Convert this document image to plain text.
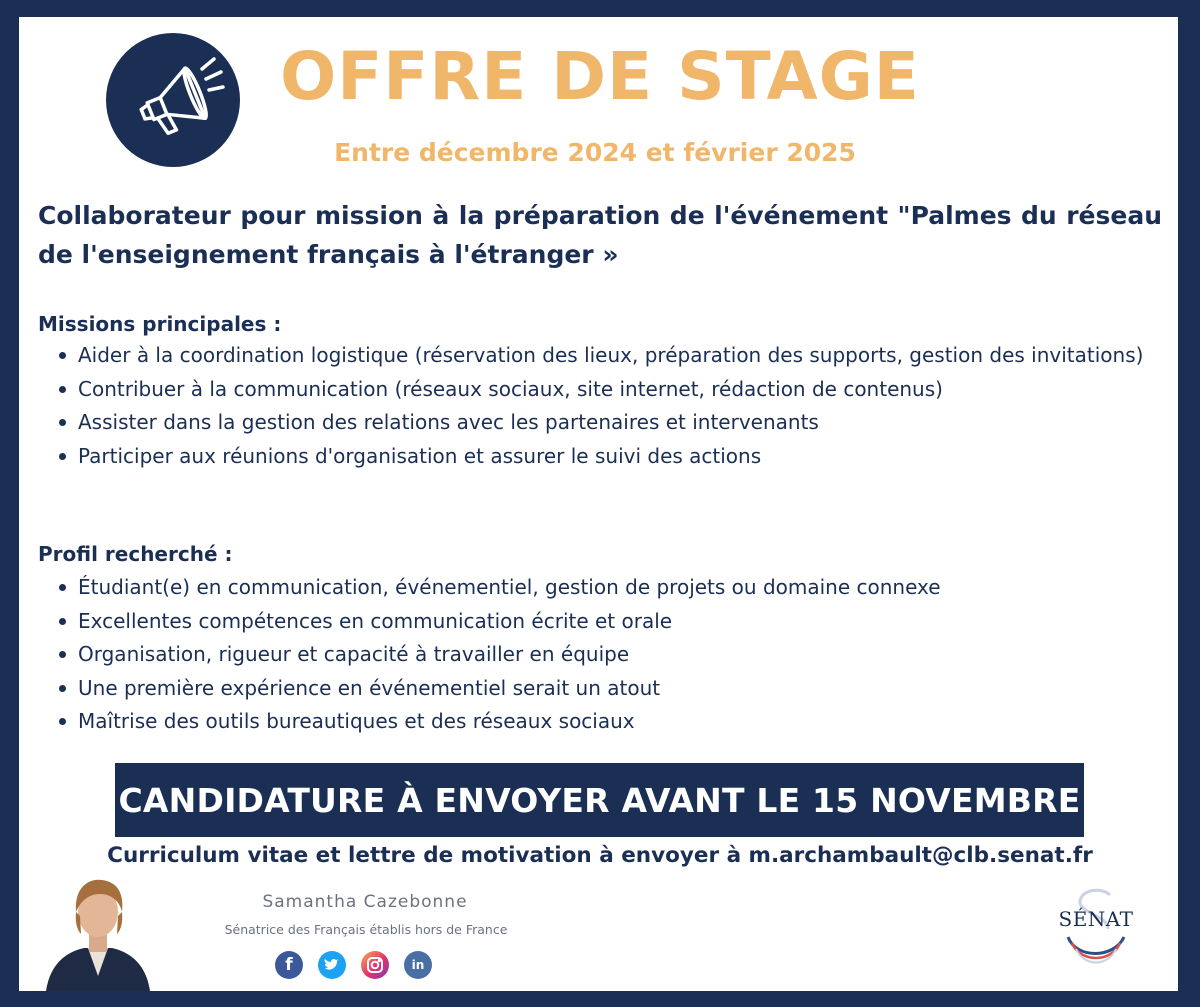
OFFRE DE STAGE
Entre décembre 2024 et février 2025
Collaborateur pour mission à la préparation de l'événement "Palmes du réseau de l'enseignement français à l'étranger »
Missions principales :
Aider à la coordination logistique (réservation des lieux, préparation des supports, gestion des invitations)
Contribuer à la communication (réseaux sociaux, site internet, rédaction de contenus)
Assister dans la gestion des relations avec les partenaires et intervenants
Participer aux réunions d'organisation et assurer le suivi des actions
Profil recherché :
Étudiant(e) en communication, événementiel, gestion de projets ou domaine connexe
Excellentes compétences en communication écrite et orale
Organisation, rigueur et capacité à travailler en équipe
Une première expérience en événementiel serait un atout
Maîtrise des outils bureautiques et des réseaux sociaux
CANDIDATURE À ENVOYER AVANT LE 15 NOVEMBRE
Curriculum vitae et lettre de motivation à envoyer à m.archambault@clb.senat.fr
Samantha Cazebonne
Sénatrice des Français établis hors de France
f	in
SÉNAT
